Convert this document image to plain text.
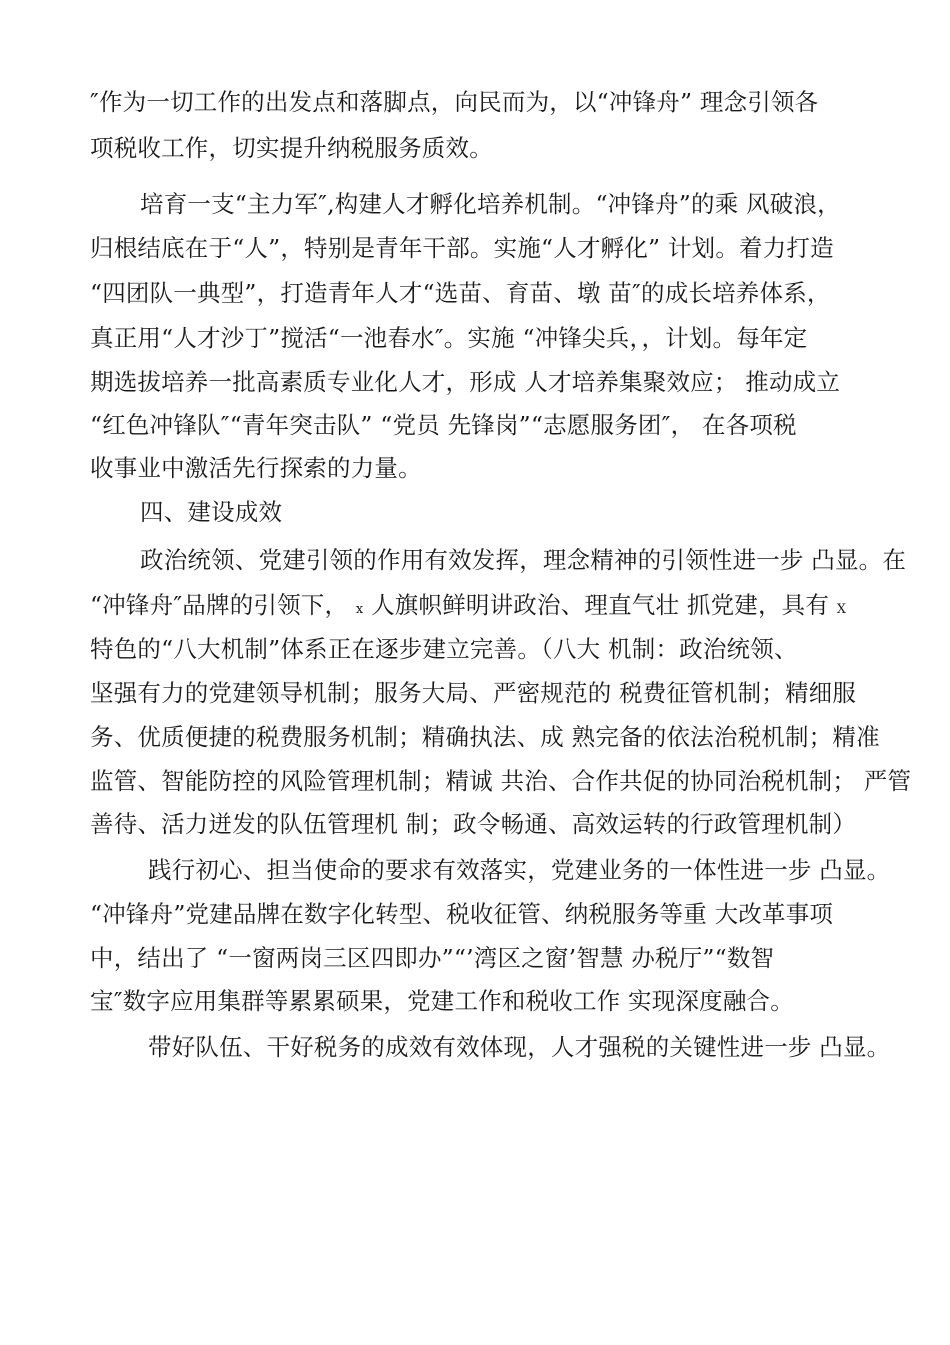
″作为一切工作的出发点和落脚点，向民而为，以“冲锋舟” 理念引领各
项税收工作，切实提升纳税服务质效。
培育一支“主力军″,构建人才孵化培养机制。“冲锋舟”的乘 风破浪，
归根结底在于“人”，特别是青年干部。实施“人才孵化” 计划。着力打造
“四团队一典型”，打造青年人才“选苗、育苗、墩 苗″的成长培养体系，
真正用“人才沙丁”搅活“一池春水″。实施 “冲锋尖兵，，计划。每年定
期选拔培养一批高素质专业化人才，形成 人才培养集聚效应； 推动成立
“红色冲锋队″“青年突击队” “党员 先锋岗”“志愿服务团″， 在各项税
收事业中激活先行探索的力量。
四、建设成效
政治统领、党建引领的作用有效发挥，理念精神的引领性进一步 凸显。在
“冲锋舟″品牌的引领下， x 人旗帜鲜明讲政治、理直气壮 抓党建，具有 X
特色的“八大机制”体系正在逐步建立完善。（八大 机制：政治统领、
坚强有力的党建领导机制；服务大局、严密规范的 税费征管机制；精细服
务、优质便捷的税费服务机制；精确执法、成 熟完备的依法治税机制；精准
监管、智能防控的风险管理机制；精诚 共治、合作共促的协同治税机制； 严管
善待、活力迸发的队伍管理机 制；政令畅通、高效运转的行政管理机制）
践行初心、担当使命的要求有效落实，党建业务的一体性进一步 凸显。
“冲锋舟”党建品牌在数字化转型、税收征管、纳税服务等重 大改革事项
中，结出了 “一窗两岗三区四即办”“’湾区之窗’智慧 办税厅”“数智
宝″数字应用集群等累累硕果，党建工作和税收工作 实现深度融合。
带好队伍、干好税务的成效有效体现，人才强税的关键性进一步 凸显。
